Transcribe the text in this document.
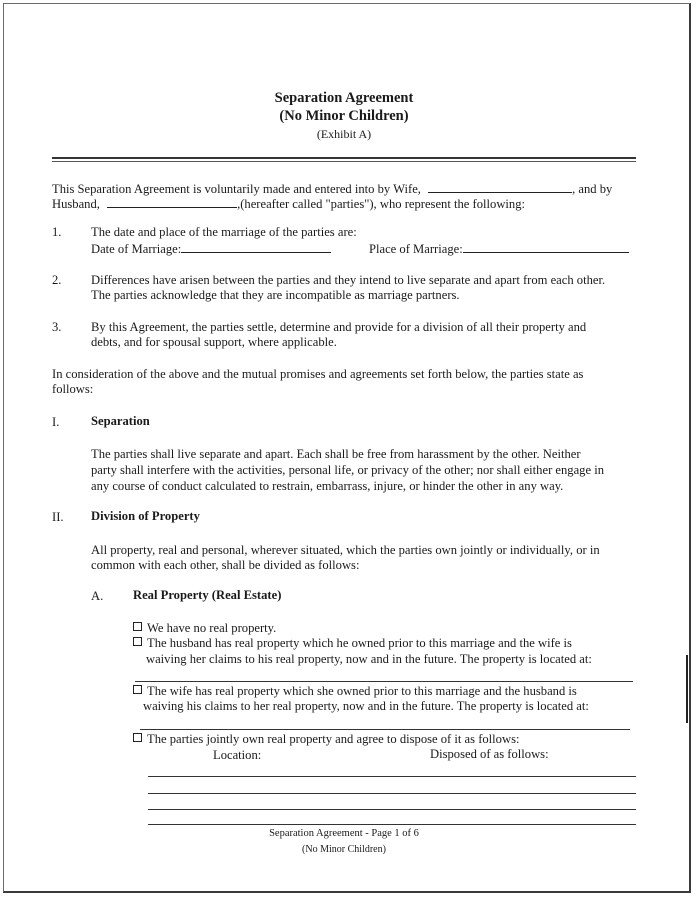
Separation Agreement
(No Minor Children)
(Exhibit A)
This Separation Agreement is voluntarily made and entered into by Wife,	, and by
Husband,	,(hereafter called "parties"), who represent the following:
1. The date and place of the marriage of the parties are:
Date of Marriage:	Place of Marriage:
2. Differences have arisen between the parties and they intend to live separate and apart from each other.
The parties acknowledge that they are incompatible as marriage partners.
3. By this Agreement, the parties settle, determine and provide for a division of all their property and
debts, and for spousal support, where applicable.
In consideration of the above and the mutual promises and agreements set forth below, the parties state as
follows:
I.	Separation
The parties shall live separate and apart. Each shall be free from harassment by the other. Neither
party shall interfere with the activities, personal life, or privacy of the other; nor shall either engage in
any course of conduct calculated to restrain, embarrass, injure, or hinder the other in any way.
II. Division of Property
All property, real and personal, wherever situated, which the parties own jointly or individually, or in
common with each other, shall be divided as follows:
A. Real Property (Real Estate)
We have no real property.
The husband has real property which he owned prior to this marriage and the wife is
waiving her claims to his real property, now and in the future. The property is located at:
The wife has real property which she owned prior to this marriage and the husband is
waiving his claims to her real property, now and in the future. The property is located at:
The parties jointly own real property and agree to dispose of it as follows:
Location:	Disposed of as follows:
Separation Agreement - Page 1 of 6
(No Minor Children)
